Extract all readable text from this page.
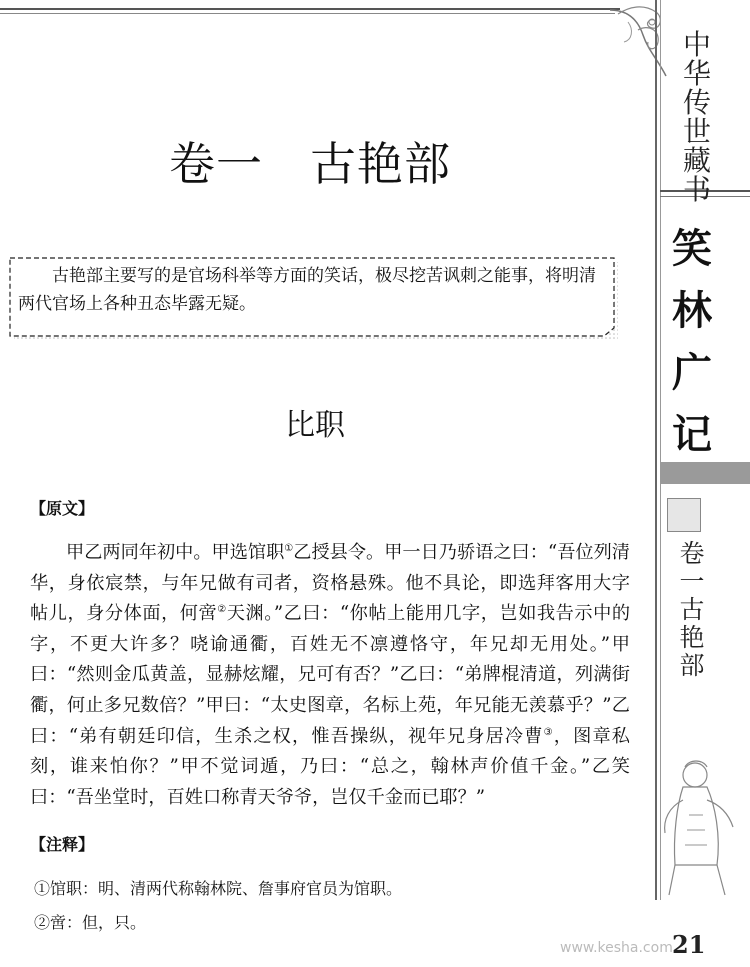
中华传世藏书
笑林广记
卷一 古艳部
www.kesha.com 21
卷一　古艳部
古艳部主要写的是官场科举等方面的笑话，极尽挖苦讽刺之能事，将明清两代官场上各种丑态毕露无疑。
比职
【原文】
甲乙两同年初中。甲选馆职①乙授县令。甲一日乃骄语之曰：“吾位列清华，身依宸禁，与年兄做有司者，资格悬殊。他不具论，即选拜客用大字帖儿，身分体面，何啻②天渊。”乙曰：“你帖上能用几字，岂如我告示中的字，不更大许多？哓谕通衢，百姓无不凛遵恪守，年兄却无用处。”甲曰：“然则金瓜黄盖，显赫炫耀，兄可有否？”乙曰：“弟牌棍清道，列满街衢，何止多兄数倍？”甲曰：“太史图章，名标上苑，年兄能无羡慕乎？”乙曰：“弟有朝廷印信，生杀之权，惟吾操纵，视年兄身居冷曹③，图章私刻，谁来怕你？”甲不觉词遁，乃曰：“总之，翰林声价值千金。”乙笑曰：“吾坐堂时，百姓口称青天爷爷，岂仅千金而已耶？”
【注释】
①馆职：明、清两代称翰林院、詹事府官员为馆职。
②啻：但，只。
